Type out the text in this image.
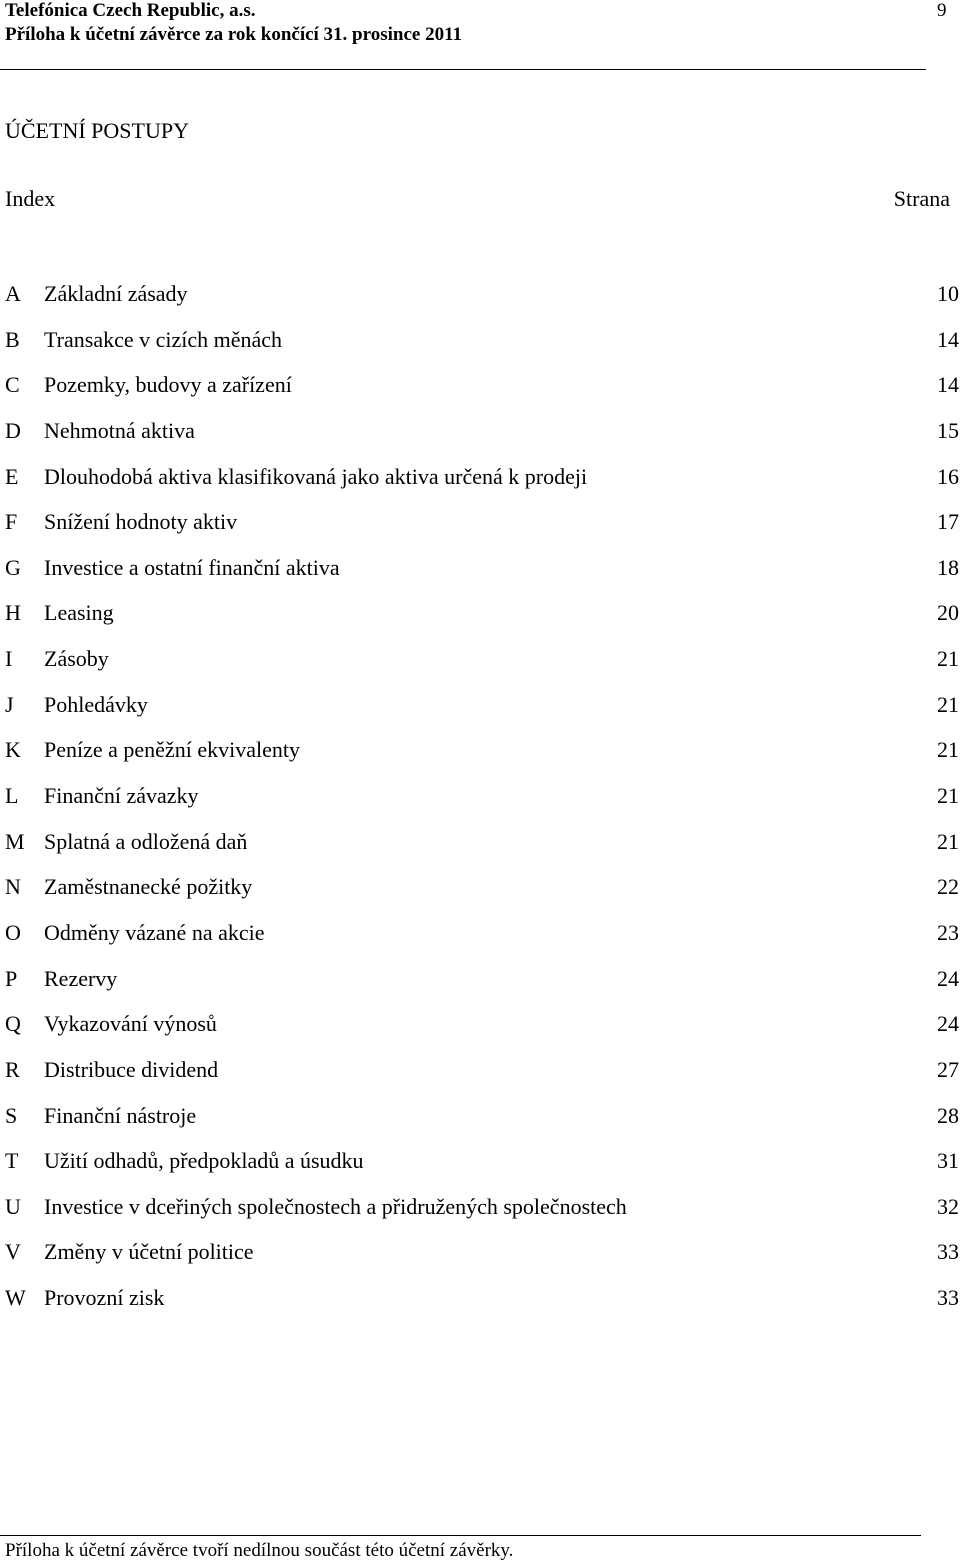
Telefónica Czech Republic, a.s.
Příloha k účetní závěrce za rok končící 31. prosince 2011
9
ÚČETNÍ POSTUPY
Index	Strana
A Základní zásady	10
B Transakce v cizích měnách	14
C Pozemky, budovy a zařízení	14
D Nehmotná aktiva	15
E Dlouhodobá aktiva klasifikovaná jako aktiva určená k prodeji	16
F Snížení hodnoty aktiv	17
G Investice a ostatní finanční aktiva	18
H Leasing	20
I Zásoby	21
J Pohledávky	21
K Peníze a peněžní ekvivalenty	21
L Finanční závazky	21
M Splatná a odložená daň	21
N Zaměstnanecké požitky	22
O Odměny vázané na akcie	23
P Rezervy	24
Q Vykazování výnosů	24
R Distribuce dividend	27
S Finanční nástroje	28
T Užití odhadů, předpokladů a úsudku	31
U Investice v dceřiných společnostech a přidružených společnostech	32
V Změny v účetní politice	33
W Provozní zisk	33
Příloha k účetní závěrce tvoří nedílnou součást této účetní závěrky.
